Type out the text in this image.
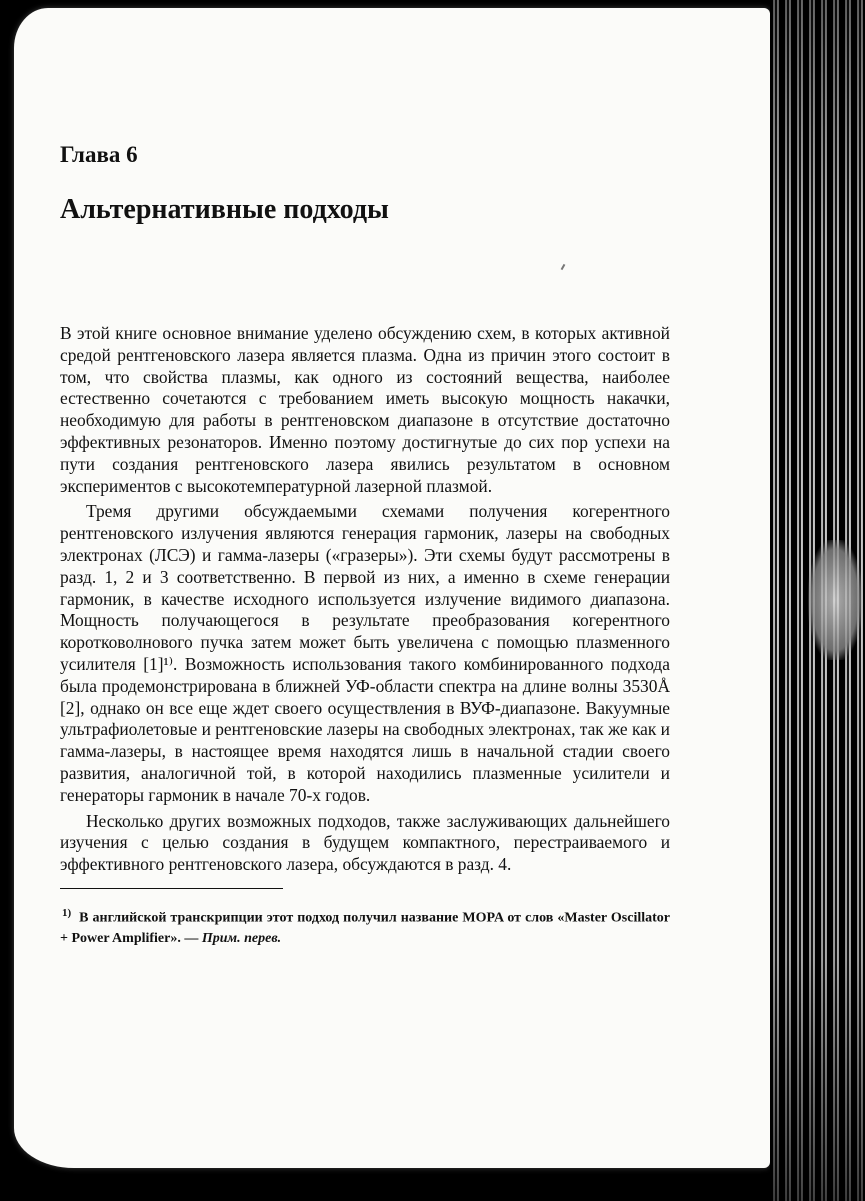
Глава 6
Альтернативные подходы

В этой книге основное внимание уделено обсуждению схем, в которых активной средой рентгеновского лазера является плазма. Одна из причин этого состоит в том, что свойства плазмы, как одного из состояний вещества, наиболее естественно сочетаются с требованием иметь высокую мощность накачки, необходимую для работы в рентгеновском диапазоне в отсутствие достаточно эффективных резонаторов. Именно поэтому достигнутые до сих пор успехи на пути создания рентгеновского лазера явились результатом в основном экспериментов с высокотемпературной лазерной плазмой.

Тремя другими обсуждаемыми схемами получения когерентного рентгеновского излучения являются генерация гармоник, лазеры на свободных электронах (ЛСЭ) и гамма-лазеры («гразеры»). Эти схемы будут рассмотрены в разд. 1, 2 и 3 соответственно. В первой из них, а именно в схеме генерации гармоник, в качестве исходного используется излучение видимого диапазона. Мощность получающегося в результате преобразования когерентного коротковолнового пучка затем может быть увеличена с помощью плазменного усилителя [1]¹⁾. Возможность использования такого комбинированного подхода была продемонстрирована в ближней УФ-области спектра на длине волны 3530Å [2], однако он все еще ждет своего осуществления в ВУФ-диапазоне. Вакуумные ультрафиолетовые и рентгеновские лазеры на свободных электронах, так же как и гамма-лазеры, в настоящее время находятся лишь в начальной стадии своего развития, аналогичной той, в которой находились плазменные усилители и генераторы гармоник в начале 70-х годов.

Несколько других возможных подходов, также заслуживающих дальнейшего изучения с целью создания в будущем компактного, перестраиваемого и эффективного рентгеновского лазера, обсуждаются в разд. 4.

$^{1)}$ В английской транскрипции этот подход получил название MOPA от слов «Master Oscillator + Power Amplifier». — Прим. перев.
